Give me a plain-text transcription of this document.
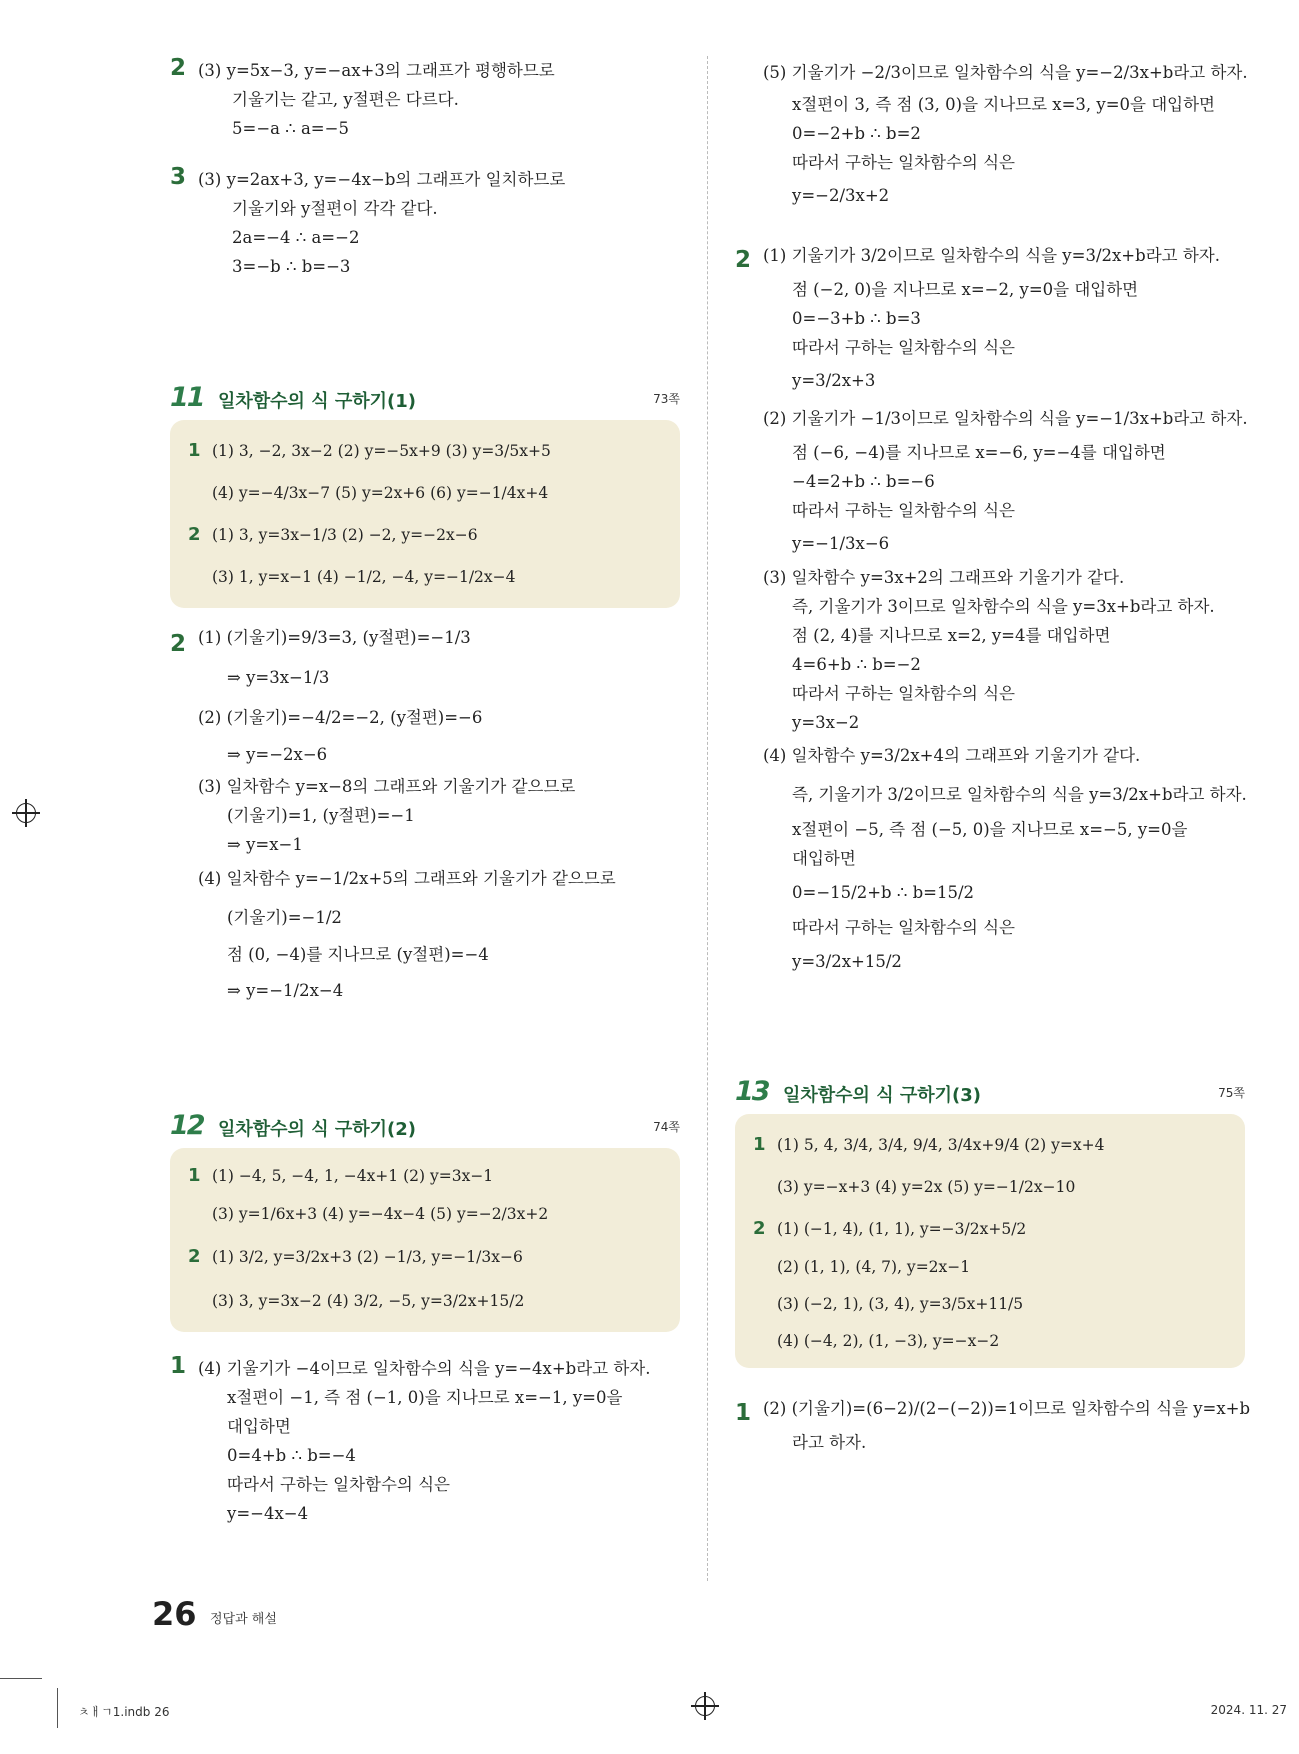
2 (3) y=5x−3, y=−ax+3의 그래프가 평행하므로
기울기는 같고, y절편은 다르다.
5=−a ∴ a=−5
3 (3) y=2ax+3, y=−4x−b의 그래프가 일치하므로
기울기와 y절편이 각각 같다.
2a=−4 ∴ a=−2
3=−b ∴ b=−3
11 일차함수의 식 구하기(1)	73쪽
1 (1) 3, −2, 3x−2 (2) y=−5x+9 (3) y=3/5x+5
(4) y=−4/3x−7 (5) y=2x+6 (6) y=−1/4x+4
2 (1) 3, y=3x−1/3 (2) −2, y=−2x−6
(3) 1, y=x−1 (4) −1/2, −4, y=−1/2x−4
2 (1) (기울기)=9/3=3, (y절편)=−1/3
⇒ y=3x−1/3
(2) (기울기)=−4/2=−2, (y절편)=−6
⇒ y=−2x−6
(3) 일차함수 y=x−8의 그래프와 기울기가 같으므로
(기울기)=1, (y절편)=−1
⇒ y=x−1
(4) 일차함수 y=−1/2x+5의 그래프와 기울기가 같으므로
(기울기)=−1/2
점 (0, −4)를 지나므로 (y절편)=−4
⇒ y=−1/2x−4
12 일차함수의 식 구하기(2)	74쪽
1 (1) −4, 5, −4, 1, −4x+1 (2) y=3x−1
(3) y=1/6x+3 (4) y=−4x−4 (5) y=−2/3x+2
2 (1) 3/2, y=3/2x+3 (2) −1/3, y=−1/3x−6
(3) 3, y=3x−2 (4) 3/2, −5, y=3/2x+15/2
1 (4) 기울기가 −4이므로 일차함수의 식을 y=−4x+b라고 하자.
x절편이 −1, 즉 점 (−1, 0)을 지나므로 x=−1, y=0을
대입하면
0=4+b ∴ b=−4
따라서 구하는 일차함수의 식은
y=−4x−4
(5) 기울기가 −2/3이므로 일차함수의 식을 y=−2/3x+b라고 하자.
x절편이 3, 즉 점 (3, 0)을 지나므로 x=3, y=0을 대입하면
0=−2+b ∴ b=2
따라서 구하는 일차함수의 식은
y=−2/3x+2
2 (1) 기울기가 3/2이므로 일차함수의 식을 y=3/2x+b라고 하자.
점 (−2, 0)을 지나므로 x=−2, y=0을 대입하면
0=−3+b ∴ b=3
따라서 구하는 일차함수의 식은
y=3/2x+3
(2) 기울기가 −1/3이므로 일차함수의 식을 y=−1/3x+b라고 하자.
점 (−6, −4)를 지나므로 x=−6, y=−4를 대입하면
−4=2+b ∴ b=−6
따라서 구하는 일차함수의 식은
y=−1/3x−6
(3) 일차함수 y=3x+2의 그래프와 기울기가 같다.
즉, 기울기가 3이므로 일차함수의 식을 y=3x+b라고 하자.
점 (2, 4)를 지나므로 x=2, y=4를 대입하면
4=6+b ∴ b=−2
따라서 구하는 일차함수의 식은
y=3x−2
(4) 일차함수 y=3/2x+4의 그래프와 기울기가 같다.
즉, 기울기가 3/2이므로 일차함수의 식을 y=3/2x+b라고 하자.
x절편이 −5, 즉 점 (−5, 0)을 지나므로 x=−5, y=0을
대입하면
0=−15/2+b ∴ b=15/2
따라서 구하는 일차함수의 식은
y=3/2x+15/2
13 일차함수의 식 구하기(3)	75쪽
1 (1) 5, 4, 3/4, 3/4, 9/4, 3/4x+9/4 (2) y=x+4
(3) y=−x+3 (4) y=2x (5) y=−1/2x−10
2 (1) (−1, 4), (1, 1), y=−3/2x+5/2
(2) (1, 1), (4, 7), y=2x−1
(3) (−2, 1), (3, 4), y=3/5x+11/5
(4) (−4, 2), (1, −3), y=−x−2
1 (2) (기울기)=(6−2)/(2−(−2))=1이므로 일차함수의 식을 y=x+b
라고 하자.
26 정답과 해설
ㅊㅐㄱ1.indb 26	2024. 11. 27
